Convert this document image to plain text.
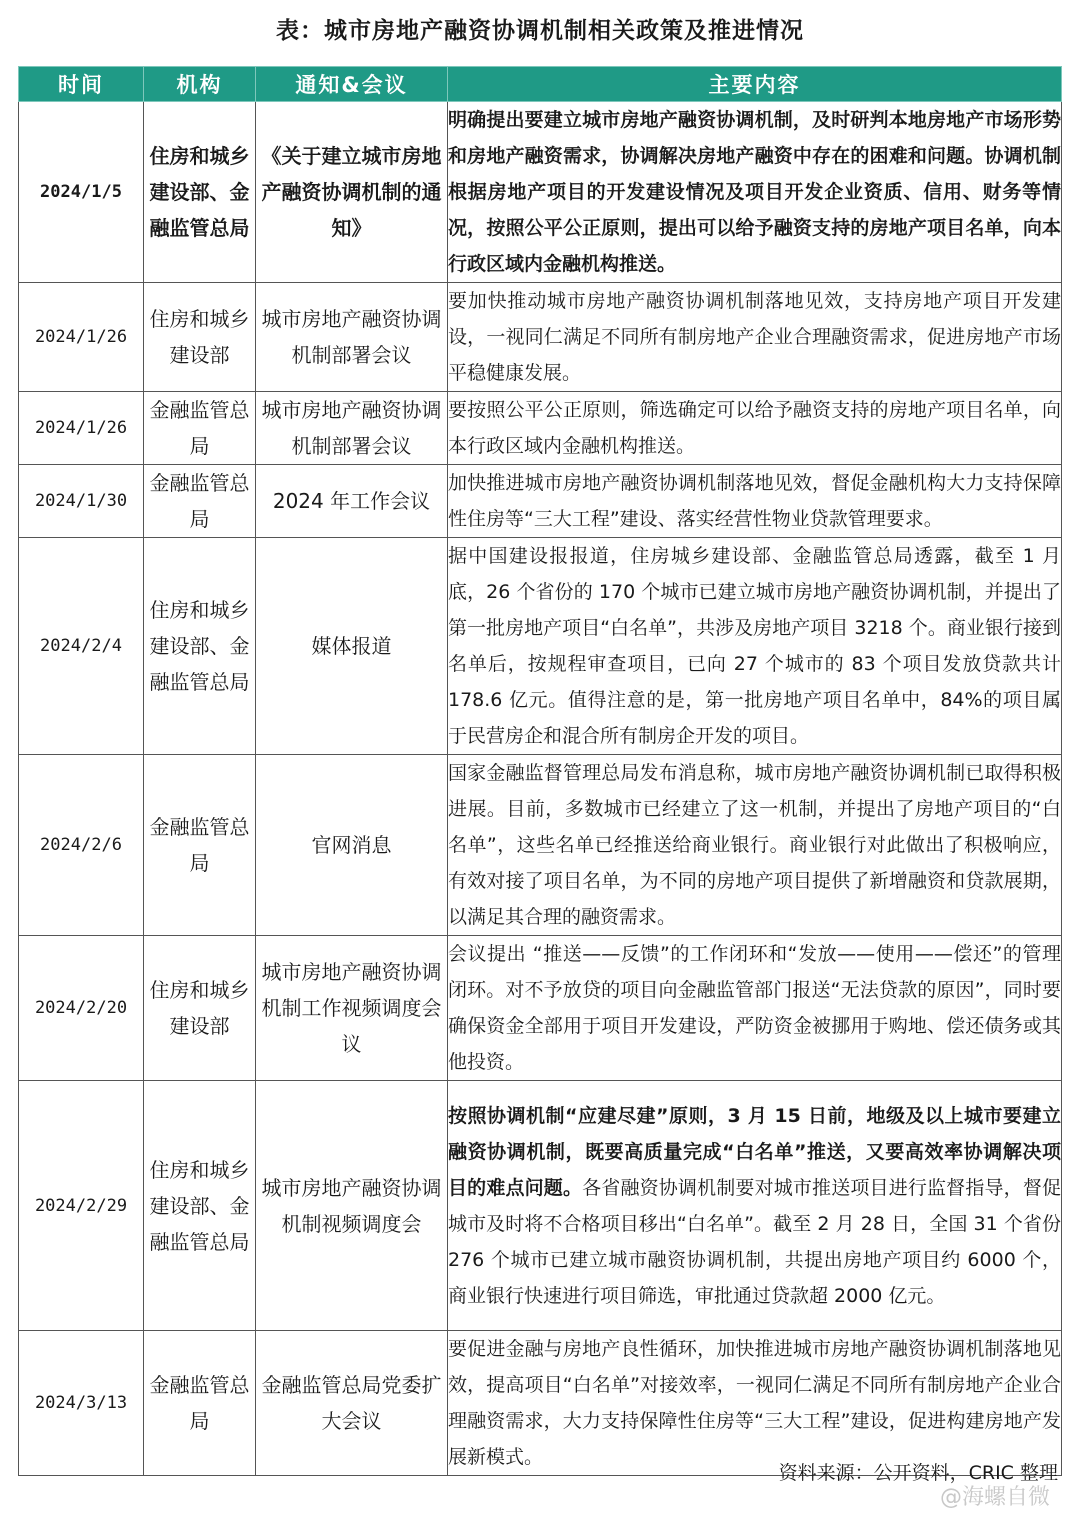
表：城市房地产融资协调机制相关政策及推进情况
时间	机构	通知&会议	主要内容
2024/1/5	住房和城乡建设部、金融监管总局	《关于建立城市房地产融资协调机制的通知》	明确提出要建立城市房地产融资协调机制，及时研判本地房地产市场形势和房地产融资需求，协调解决房地产融资中存在的困难和问题。协调机制根据房地产项目的开发建设情况及项目开发企业资质、信用、财务等情况，按照公平公正原则，提出可以给予融资支持的房地产项目名单，向本行政区域内金融机构推送。
2024/1/26	住房和城乡建设部	城市房地产融资协调机制部署会议	要加快推动城市房地产融资协调机制落地见效，支持房地产项目开发建设，一视同仁满足不同所有制房地产企业合理融资需求，促进房地产市场平稳健康发展。
2024/1/26	金融监管总局	城市房地产融资协调机制部署会议	要按照公平公正原则，筛选确定可以给予融资支持的房地产项目名单，向本行政区域内金融机构推送。
2024/1/30	金融监管总局	2024 年工作会议	加快推进城市房地产融资协调机制落地见效，督促金融机构大力支持保障性住房等“三大工程”建设、落实经营性物业贷款管理要求。
2024/2/4	住房和城乡建设部、金融监管总局	媒体报道	据中国建设报报道，住房城乡建设部、金融监管总局透露，截至 1 月底，26 个省份的 170 个城市已建立城市房地产融资协调机制，并提出了第一批房地产项目“白名单”，共涉及房地产项目 3218 个。商业银行接到名单后，按规程审查项目，已向 27 个城市的 83 个项目发放贷款共计 178.6 亿元。值得注意的是，第一批房地产项目名单中，84%的项目属于民营房企和混合所有制房企开发的项目。
2024/2/6	金融监管总局	官网消息	国家金融监督管理总局发布消息称，城市房地产融资协调机制已取得积极进展。目前，多数城市已经建立了这一机制，并提出了房地产项目的“白名单”，这些名单已经推送给商业银行。商业银行对此做出了积极响应，有效对接了项目名单，为不同的房地产项目提供了新增融资和贷款展期，以满足其合理的融资需求。
2024/2/20	住房和城乡建设部	城市房地产融资协调机制工作视频调度会议	会议提出 “推送——反馈”的工作闭环和“发放——使用——偿还”的管理闭环。对不予放贷的项目向金融监管部门报送“无法贷款的原因”，同时要确保资金全部用于项目开发建设，严防资金被挪用于购地、偿还债务或其他投资。
2024/2/29	住房和城乡建设部、金融监管总局	城市房地产融资协调机制视频调度会	按照协调机制“应建尽建”原则，3 月 15 日前，地级及以上城市要建立融资协调机制，既要高质量完成“白名单”推送，又要高效率协调解决项目的难点问题。各省融资协调机制要对城市推送项目进行监督指导，督促城市及时将不合格项目移出“白名单”。截至 2 月 28 日，全国 31 个省份 276 个城市已建立城市融资协调机制，共提出房地产项目约 6000 个，商业银行快速进行项目筛选，审批通过贷款超 2000 亿元。
2024/3/13	金融监管总局	金融监管总局党委扩大会议	要促进金融与房地产良性循环，加快推进城市房地产融资协调机制落地见效，提高项目“白名单”对接效率，一视同仁满足不同所有制房地产企业合理融资需求，大力支持保障性住房等“三大工程”建设，促进构建房地产发展新模式。
资料来源：公开资料，CRIC 整理
@海螺自微
